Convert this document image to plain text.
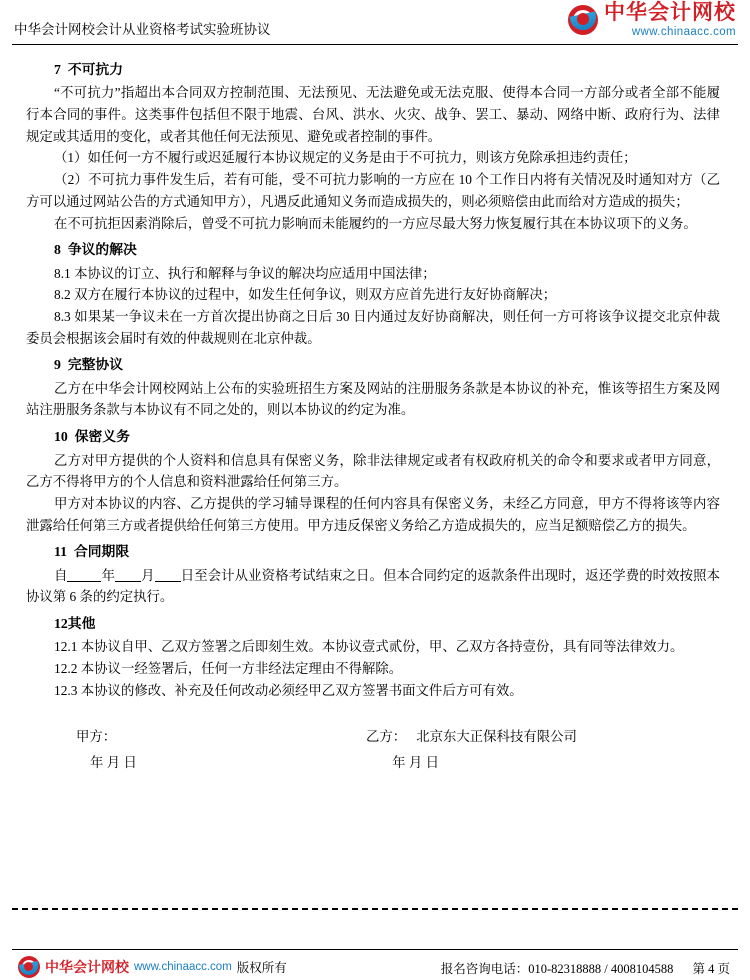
中华会计网校会计从业资格考试实验班协议
中华会计网校
www.chinaacc.com
7 不可抗力

“不可抗力”指超出本合同双方控制范围、无法预见、无法避免或无法克服、使得本合同一方部分或者全部不能履行本合同的事件。这类事件包括但不限于地震、台风、洪水、火灾、战争、罢工、暴动、网络中断、政府行为、法律规定或其适用的变化，或者其他任何无法预见、避免或者控制的事件。

（1）如任何一方不履行或迟延履行本协议规定的义务是由于不可抗力，则该方免除承担违约责任；

（2）不可抗力事件发生后，若有可能，受不可抗力影响的一方应在 10 个工作日内将有关情况及时通知对方（乙方可以通过网站公告的方式通知甲方），凡遇反此通知义务而造成损失的，则必须赔偿由此而给对方造成的损失；

在不可抗拒因素消除后，曾受不可抗力影响而未能履约的一方应尽最大努力恢复履行其在本协议项下的义务。

8 争议的解决

8.1 本协议的订立、执行和解释与争议的解决均应适用中国法律；

8.2 双方在履行本协议的过程中，如发生任何争议，则双方应首先进行友好协商解决；

8.3 如果某一争议未在一方首次提出协商之日后 30 日内通过友好协商解决，则任何一方可将该争议提交北京仲裁委员会根据该会届时有效的仲裁规则在北京仲裁。

9 完整协议

乙方在中华会计网校网站上公布的实验班招生方案及网站的注册服务条款是本协议的补充，惟该等招生方案及网站注册服务条款与本协议有不同之处的，则以本协议的约定为准。

10 保密义务

乙方对甲方提供的个人资料和信息具有保密义务，除非法律规定或者有权政府机关的命令和要求或者甲方同意，乙方不得将甲方的个人信息和资料泄露给任何第三方。

甲方对本协议的内容、乙方提供的学习辅导课程的任何内容具有保密义务，未经乙方同意，甲方不得将该等内容泄露给任何第三方或者提供给任何第三方使用。甲方违反保密义务给乙方造成损失的，应当足额赔偿乙方的损失。

11 合同期限

自	年 月 日至会计从业资格考试结束之日。但本合同约定的返款条件出现时，返还学费的时效按照本协议第 6 条的约定执行。

12其他

12.1 本协议自甲、乙双方签署之后即刻生效。本协议壹式贰份，甲、乙双方各持壹份，具有同等法律效力。

12.2 本协议一经签署后，任何一方非经法定理由不得解除。

12.3 本协议的修改、补充及任何改动必须经甲乙双方签署书面文件后方可有效。

甲方：	乙方： 北京东大正保科技有限公司
年 月 日	年 月 日
中华会计网校 www.chinaacc.com 版权所有	报名咨询电话：010-82318888 / 4008104588 第 4 页
